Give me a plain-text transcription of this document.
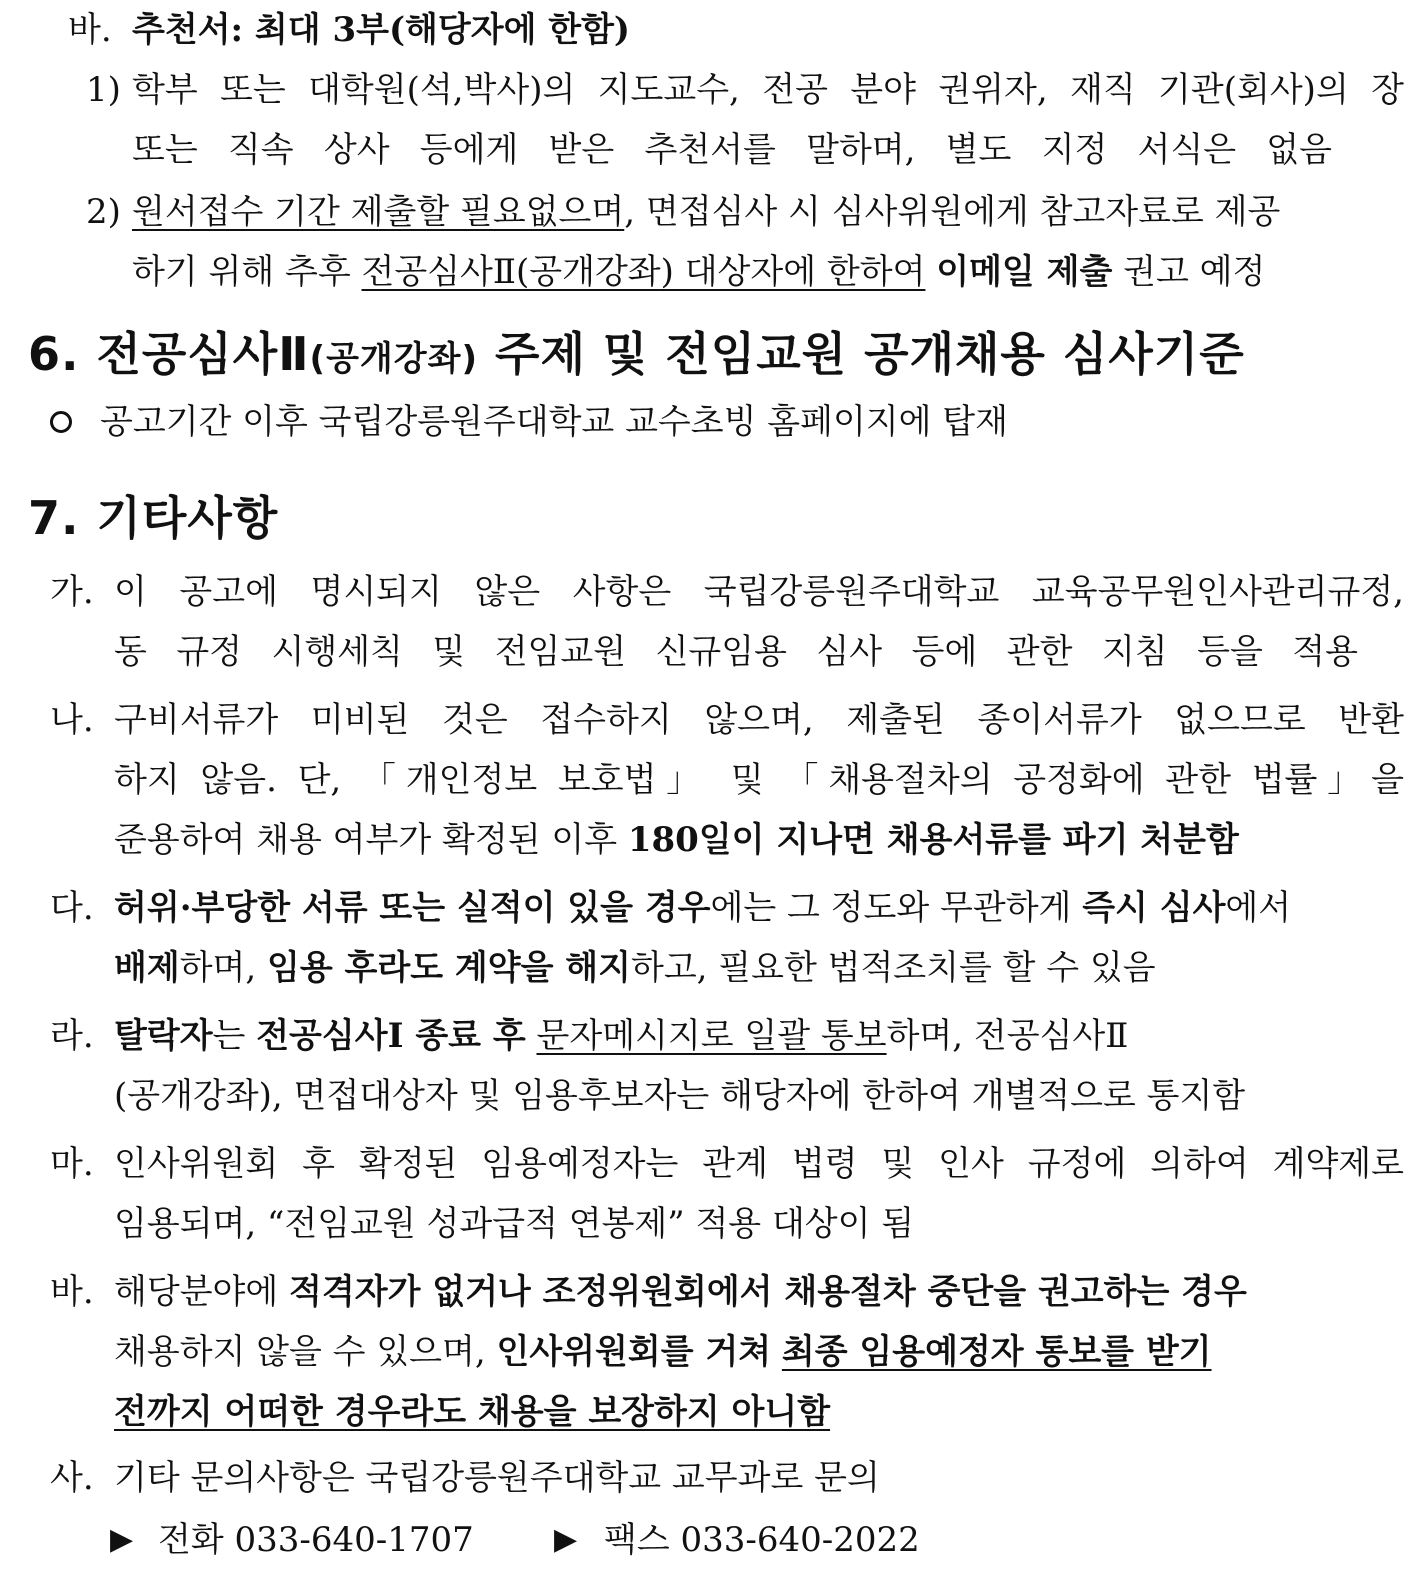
바. 추천서: 최대 3부(해당자에 한함)
1) 학부 또는 대학원(석,박사)의 지도교수, 전공 분야 권위자, 재직 기관(회사)의 장
또는 직속 상사 등에게 받은 추천서를 말하며, 별도 지정 서식은 없음
2) 원서접수 기간 제출할 필요없으며, 면접심사 시 심사위원에게 참고자료로 제공
하기 위해 추후 전공심사Ⅱ(공개강좌) 대상자에 한하여 이메일 제출 권고 예정
6. 전공심사Ⅱ(공개강좌) 주제 및 전임교원 공개채용 심사기준
공고기간 이후 국립강릉원주대학교 교수초빙 홈페이지에 탑재
7. 기타사항
가. 이 공고에 명시되지 않은 사항은 국립강릉원주대학교 교육공무원인사관리규정,
동 규정 시행세칙 및 전임교원 신규임용 심사 등에 관한 지침 등을 적용
나. 구비서류가 미비된 것은 접수하지 않으며, 제출된 종이서류가 없으므로 반환
하지 않음. 단, 「개인정보 보호법」 및 「채용절차의 공정화에 관한 법률」을
준용하여 채용 여부가 확정된 이후 180일이 지나면 채용서류를 파기 처분함
다. 허위·부당한 서류 또는 실적이 있을 경우에는 그 정도와 무관하게 즉시 심사에서
배제하며, 임용 후라도 계약을 해지하고, 필요한 법적조치를 할 수 있음
라. 탈락자는 전공심사Ⅰ 종료 후 문자메시지로 일괄 통보하며, 전공심사Ⅱ
(공개강좌), 면접대상자 및 임용후보자는 해당자에 한하여 개별적으로 통지함
마. 인사위원회 후 확정된 임용예정자는 관계 법령 및 인사 규정에 의하여 계약제로
임용되며, “전임교원 성과급적 연봉제” 적용 대상이 됨
바. 해당분야에 적격자가 없거나 조정위원회에서 채용절차 중단을 권고하는 경우
채용하지 않을 수 있으며, 인사위원회를 거쳐 최종 임용예정자 통보를 받기
전까지 어떠한 경우라도 채용을 보장하지 아니함
사. 기타 문의사항은 국립강릉원주대학교 교무과로 문의
▶ 전화 033-640-1707	▶ 팩스 033-640-2022
